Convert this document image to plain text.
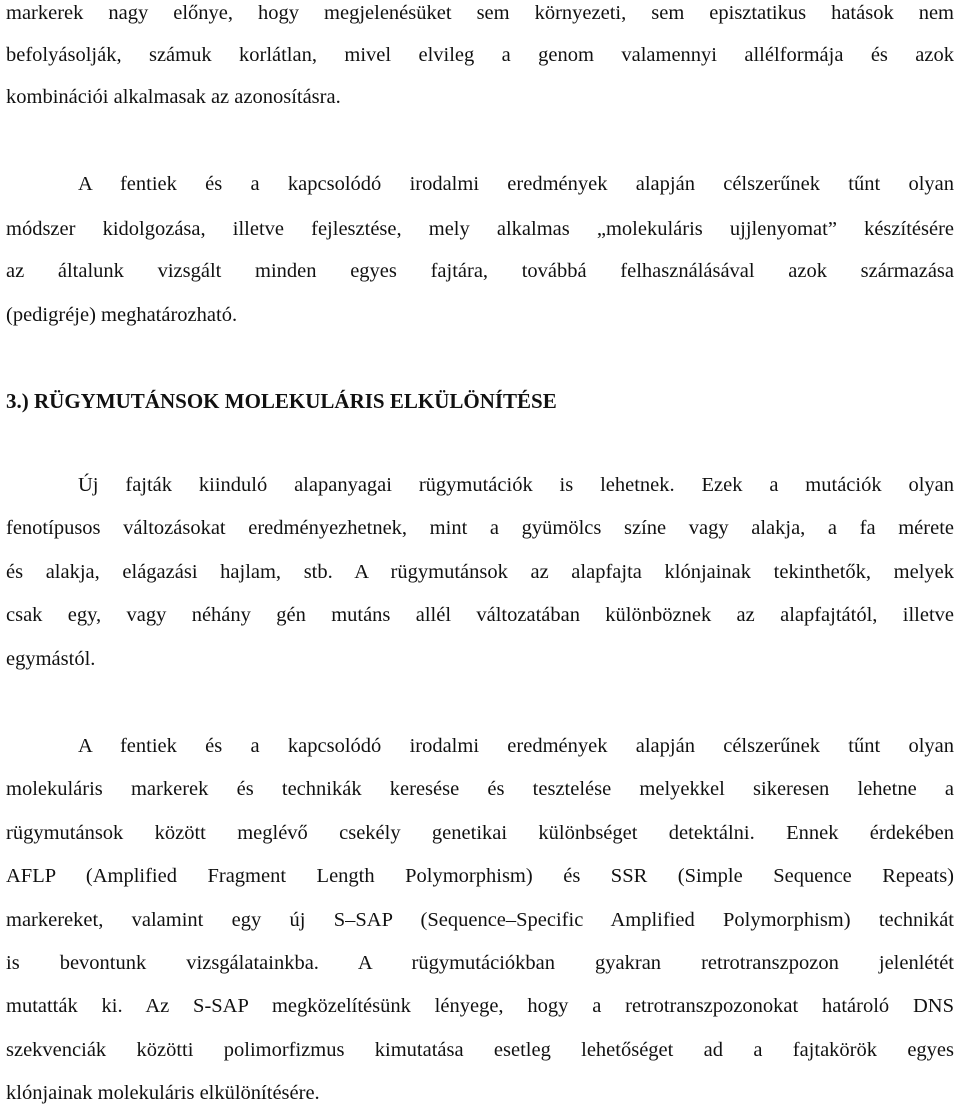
markerek nagy előnye, hogy megjelenésüket sem környezeti, sem episztatikus hatások nem
befolyásolják, számuk korlátlan, mivel elvileg a genom valamennyi allélformája és azok
kombinációi alkalmasak az azonosításra.
A fentiek és a kapcsolódó irodalmi eredmények alapján célszerűnek tűnt olyan
módszer kidolgozása, illetve fejlesztése, mely alkalmas „molekuláris ujjlenyomat” készítésére
az általunk vizsgált minden egyes fajtára, továbbá felhasználásával azok származása
(pedigréje) meghatározható.
3.) RÜGYMUTÁNSOK MOLEKULÁRIS ELKÜLÖNÍTÉSE
Új fajták kiinduló alapanyagai rügymutációk is lehetnek. Ezek a mutációk olyan
fenotípusos változásokat eredményezhetnek, mint a gyümölcs színe vagy alakja, a fa mérete
és alakja, elágazási hajlam, stb. A rügymutánsok az alapfajta klónjainak tekinthetők, melyek
csak egy, vagy néhány gén mutáns allél változatában különböznek az alapfajtától, illetve
egymástól.
A fentiek és a kapcsolódó irodalmi eredmények alapján célszerűnek tűnt olyan
molekuláris markerek és technikák keresése és tesztelése melyekkel sikeresen lehetne a
rügymutánsok között meglévő csekély genetikai különbséget detektálni. Ennek érdekében
AFLP (Amplified Fragment Length Polymorphism) és SSR (Simple Sequence Repeats)
markereket, valamint egy új S–SAP (Sequence–Specific Amplified Polymorphism) technikát
is bevontunk vizsgálatainkba. A rügymutációkban gyakran retrotranszpozon jelenlétét
mutatták ki. Az S-SAP megközelítésünk lényege, hogy a retrotranszpozonokat határoló DNS
szekvenciák közötti polimorfizmus kimutatása esetleg lehetőséget ad a fajtakörök egyes
klónjainak molekuláris elkülönítésére.
